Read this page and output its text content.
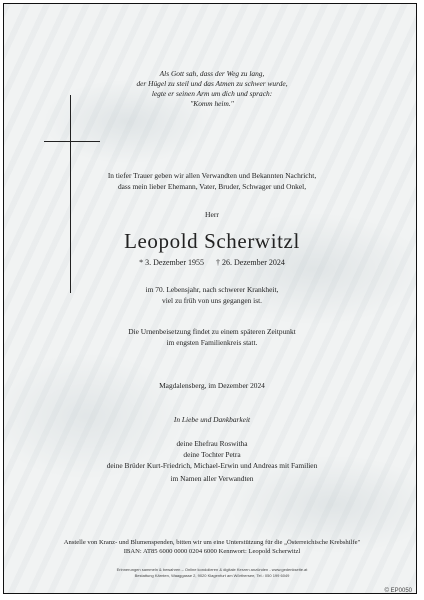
Als Gott sah, dass der Weg zu lang,
der Hügel zu steil und das Atmen zu schwer wurde,
legte er seinen Arm um dich und sprach:
"Komm heim."
In tiefer Trauer geben wir allen Verwandten und Bekannten Nachricht,
dass mein lieber Ehemann, Vater, Bruder, Schwager und Onkel,
Herr
Leopold Scherwitzl
* 3. Dezember 1955 † 26. Dezember 2024
im 70. Lebensjahr, nach schwerer Krankheit,
viel zu früh von uns gegangen ist.
Die Urnenbeisetzung findet zu einem späteren Zeitpunkt
im engsten Familienkreis statt.
Magdalensberg, im Dezember 2024
In Liebe und Dankbarkeit
deine Ehefrau Roswitha
deine Tochter Petra
deine Brüder Kurt-Friedrich, Michael-Erwin und Andreas mit Familien
im Namen aller Verwandten
Anstelle von Kranz- und Blumenspenden, bitten wir um eine Unterstützung für die „Österreichische Krebshilfe"
IBAN: AT85 6000 0000 0204 6000 Kennwort: Leopold Scherwitzl
Erinnerungen sammeln & bewahren – Online kondolieren & digitale Kerzen anzünden - www.gedenkseite.at
Bestattung Kärnten, Waaggasse 2, 9020 Klagenfurt am Wörthersee, Tel.: 050 199 6049
© EP0050
